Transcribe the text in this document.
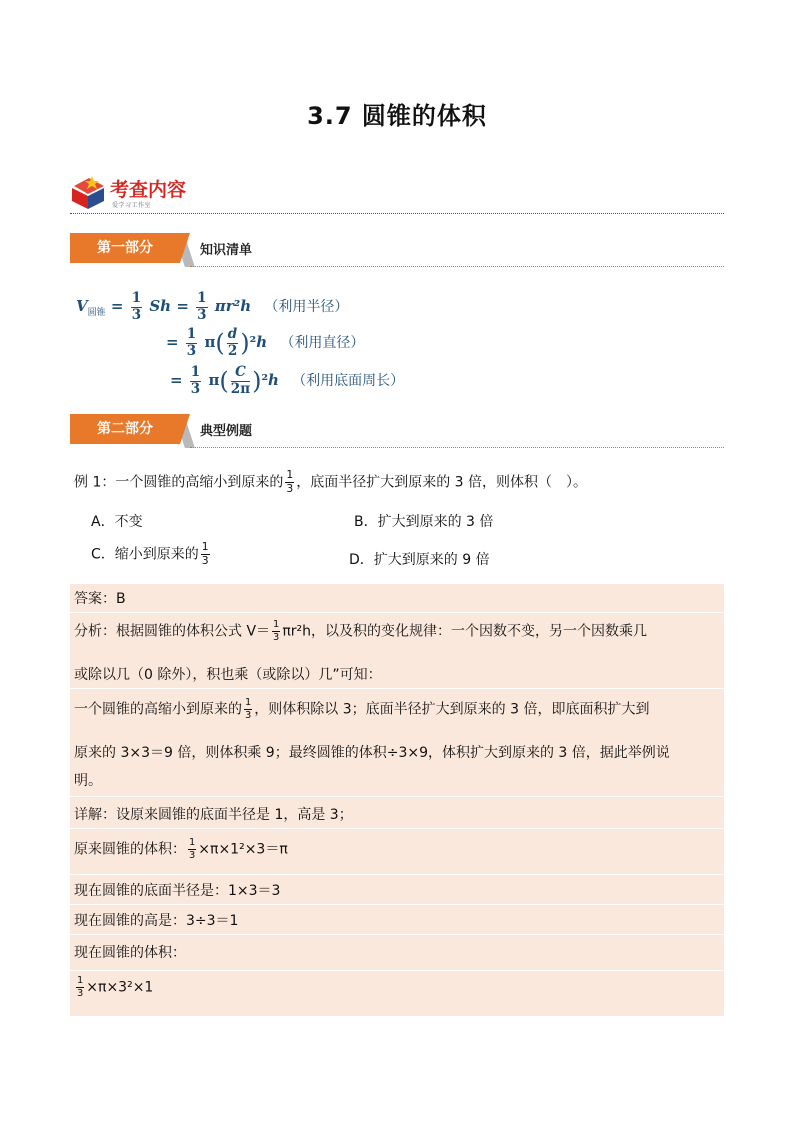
3.7 圆锥的体积
考查内容
爱学习工作室
第一部分	知识清单
$V_{圆锥} = \frac{1}{3}$ $Sh = \frac{1}{3} \pi r^2h$ （利用半径）
= $\frac{1}{3} \pi( \frac{d}{2} )^2h$ （利用直径）
= $\frac{1}{3} \pi( \frac{C}{2\pi} )^2h$ （利用底面周长）
第二部分	典型例题
例 1：一个圆锥的高缩小到原来的 $\frac{1}{3}$ ，底面半径扩大到原来的 3 倍，则体积（　）。
A．不变	B．扩大到原来的 3 倍
C．缩小到原来的 $\frac{1}{3}$	D．扩大到原来的 9 倍
答案：B
分析：根据圆锥的体积公式 $V= \frac{1}{3} \pi r^2h$，以及积的变化规律：一个因数不变，另一个因数乘几
或除以几（0 除外），积也乘（或除以）几”可知：
一个圆锥的高缩小到原来的 $\frac{1}{3}$ ，则体积除以 3；底面半径扩大到原来的 3 倍，即底面积扩大到
原来的 3×3＝9 倍，则体积乘 9；最终圆锥的体积÷3×9，体积扩大到原来的 3 倍，据此举例说
明。
详解：设原来圆锥的底面半径是 1，高是 3；
原来圆锥的体积： $\frac{1}{3} \times\pi\times 1^2\times 3=\pi$
现在圆锥的底面半径是：1×3＝3
现在圆锥的高是：3÷3＝1
现在圆锥的体积：
$\frac{1}{3} \times\pi\times 3^2\times 1$
